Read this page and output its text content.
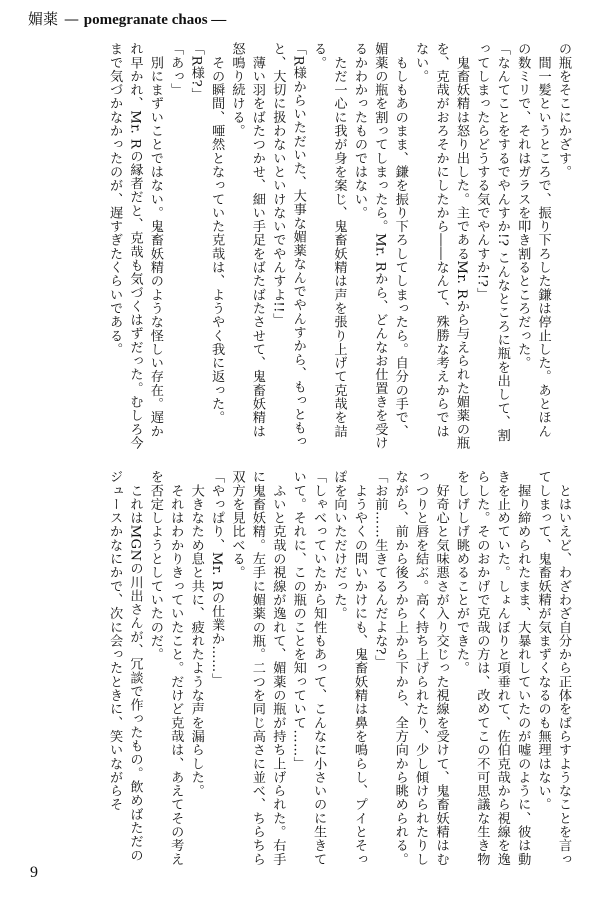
媚薬 — pomegranate chaos —
の瓶をそこにかざす。
　間一髪というところで、振り下ろした鎌は停止した。あとほんの数ミリで、それはガラスを叩き割るところだった。
「なんてことをするでやんすか!? こんなところに瓶を出して、割ってしまったらどうする気でやんすか!?」
　鬼畜妖精は怒り出した。主であるMr. Rから与えられた媚薬の瓶を、克哉がおろそかにしたから――なんて、殊勝な考えからではない。
　もしもあのまま、鎌を振り下ろしてしまったら。自分の手で、媚薬の瓶を割ってしまったら。Mr. Rから、どんなお仕置きを受けるかわかったものではない。
　ただ一心に我が身を案じ、鬼畜妖精は声を張り上げて克哉を詰る。
「R様からいただいた、大事な媚薬なんでやんすから、もっともっと、大切に扱わないといけないでやんすよ!!」
　薄い羽をばたつかせ、細い手足をばたばたさせて、鬼畜妖精は怒鳴り続ける。
　その瞬間、唖然となっていた克哉は、ようやく我に返った。
「R様?」
「あっ」
　別にまずいことではない。鬼畜妖精のような怪しい存在。遅かれ早かれ、Mr. Rの縁者だと、克哉も気づくはずだった。むしろ今まで気づかなかったのが、遅すぎたくらいである。
　とはいえど、わざわざ自分から正体をばらすようなことを言ってしまって、鬼畜妖精が気まずくなるのも無理はない。
　握り締められたまま、大暴れしていたのが嘘のように、彼は動きを止めていた。しょんぼりと項垂れて、佐伯克哉から視線を逸らした。そのおかげで克哉の方は、改めてこの不可思議な生き物をしげしげ眺めることができた。
　好奇心と気味悪さが入り交じった視線を受けて、鬼畜妖精はむっつりと唇を結ぶ。高く持ち上げられたり、少し傾けられたりしながら、前から後ろから上から下から、全方向から眺められる。
「お前……生きてるんだよな?」
　ようやくの問いかけにも、鬼畜妖精は鼻を鳴らし、プイとそっぽを向いただけだった。
「しゃべっていたから知性もあって、こんなに小さいのに生きていて。それに、この瓶のことを知っていて……」
　ふいと克哉の視線が逸れて、媚薬の瓶が持ち上げられた。右手に鬼畜妖精。左手に媚薬の瓶。二つを同じ高さに並べ、ちらちら双方を見比べる。
「やっぱり、Mr. Rの仕業か……」
　大きなため息と共に、疲れたような声を漏らした。
　それはわかりきっていたこと。だけど克哉は、あえてその考えを否定しようとしていたのだ。
　これはMGNの川出さんが、冗談で作ったもの。飲めばただのジュースかなにかで、次に会ったときに、笑いながらそ
9
